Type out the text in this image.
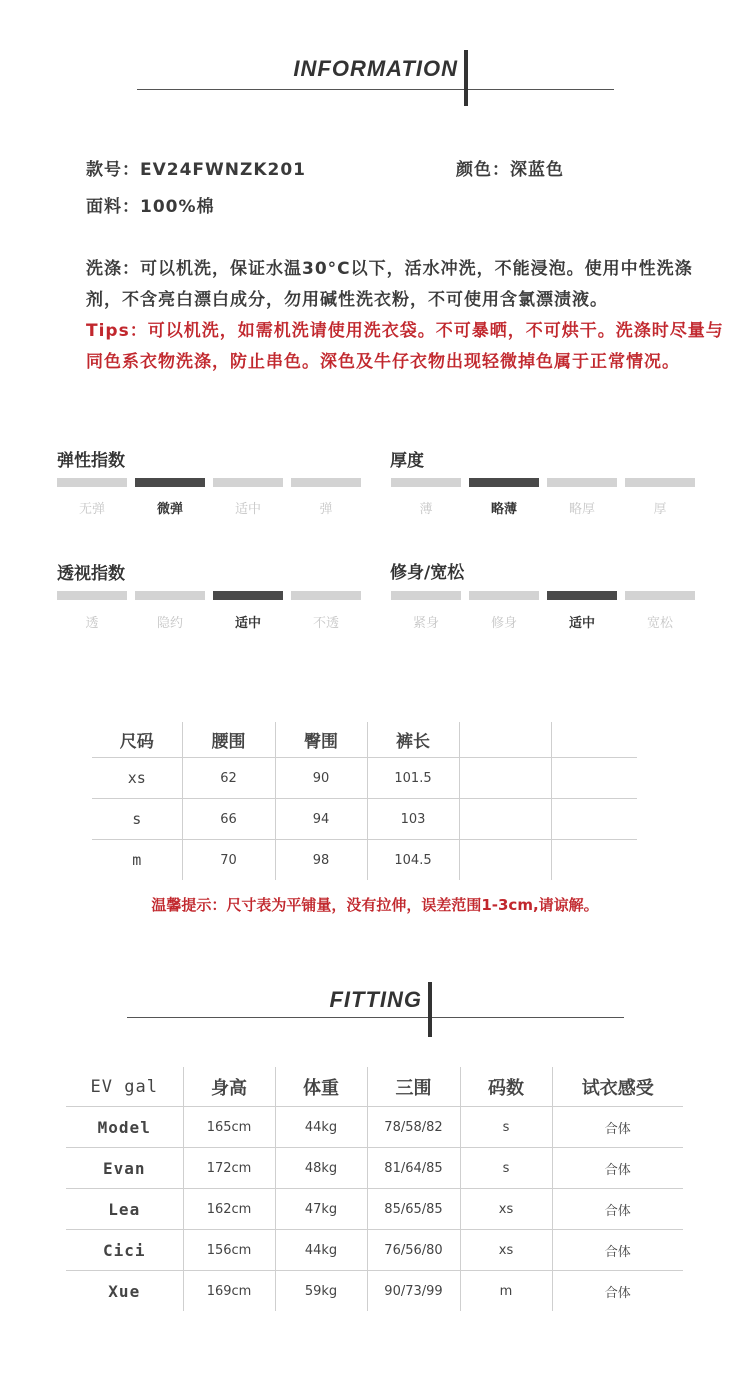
INFORMATION
款号：EV24FWNZK201	颜色：深蓝色
面料：100%棉
洗涤：可以机洗，保证水温30°C以下，活水冲洗，不能浸泡。使用中性洗涤剂，不含亮白漂白成分，勿用碱性洗衣粉，不可使用含氯漂渍液。
Tips：可以机洗，如需机洗请使用洗衣袋。不可暴晒，不可烘干。洗涤时尽量与同色系衣物洗涤，防止串色。深色及牛仔衣物出现轻微掉色属于正常情况。
弹性指数
无弹	微弹	适中	弹
厚度
薄	略薄	略厚	厚
透视指数
透	隐约	适中	不透
修身/宽松
紧身	修身	适中	宽松
尺码	腰围	臀围	裤长		
xs	62	90	101.5		
s	66	94	103		
m	70	98	104.5		
温馨提示：尺寸表为平铺量，没有拉伸，误差范围1-3cm,请谅解。
FITTING
EV gal	身高	体重	三围	码数	试衣感受
Model	165cm	44kg	78/58/82	s	合体
Evan	172cm	48kg	81/64/85	s	合体
Lea	162cm	47kg	85/65/85	xs	合体
Cici	156cm	44kg	76/56/80	xs	合体
Xue	169cm	59kg	90/73/99	m	合体
